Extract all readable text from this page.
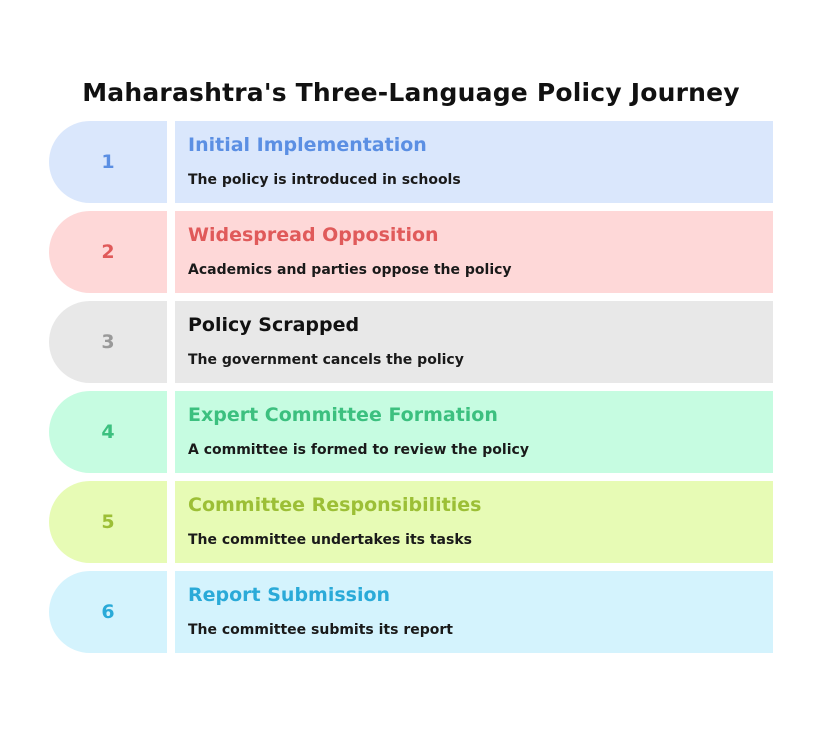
Maharashtra's Three-Language Policy Journey
1
Initial Implementation
The policy is introduced in schools
2
Widespread Opposition
Academics and parties oppose the policy
3
Policy Scrapped
The government cancels the policy
4
Expert Committee Formation
A committee is formed to review the policy
5
Committee Responsibilities
The committee undertakes its tasks
6
Report Submission
The committee submits its report
